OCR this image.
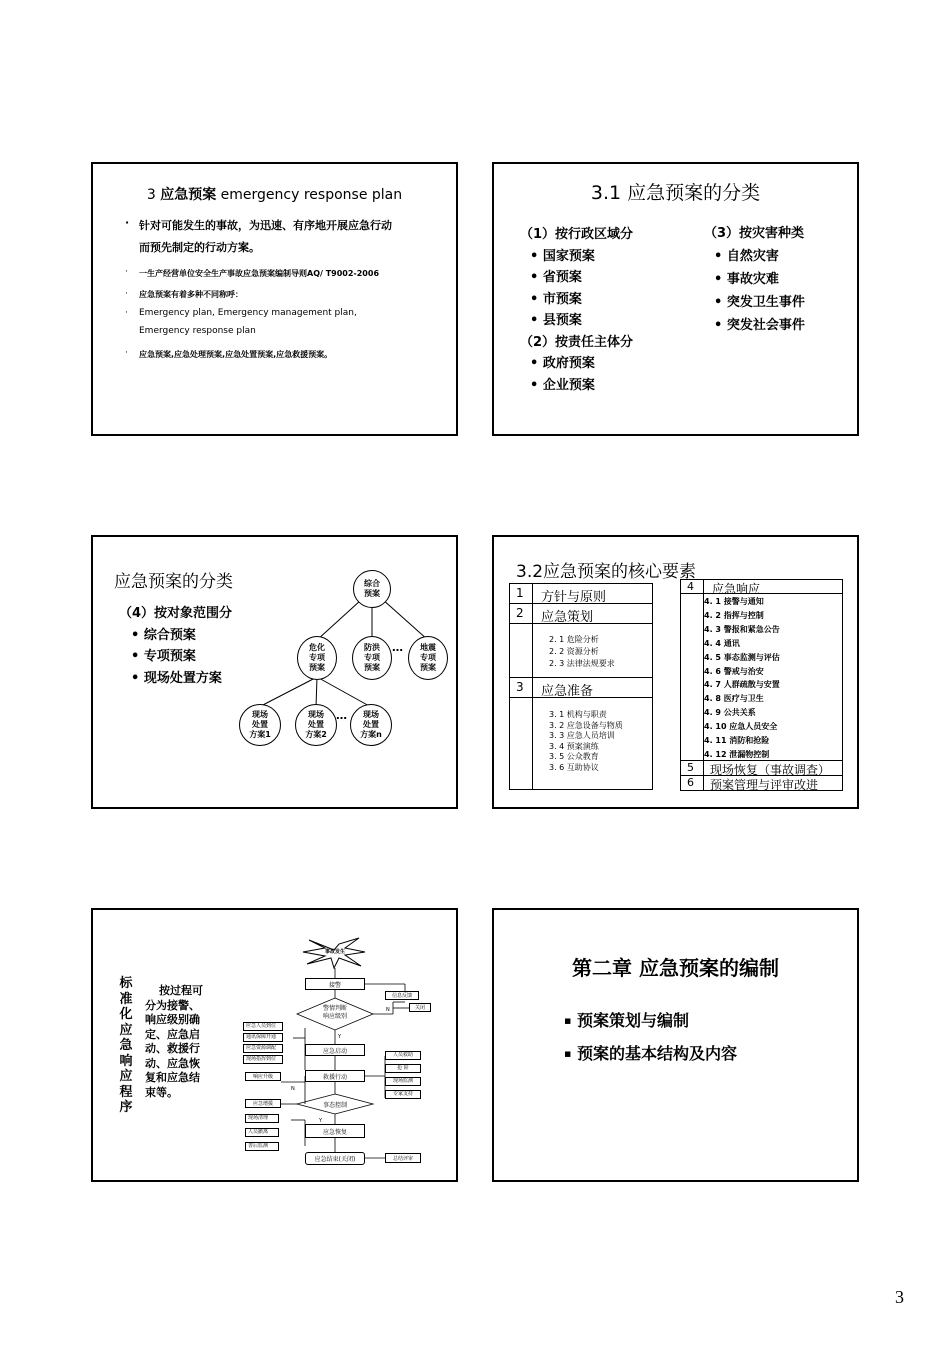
3 应急预案 emergency response plan
· 针对可能发生的事故，为迅速、有序地开展应急行动
而预先制定的行动方案。
· 一生产经营单位安全生产事故应急预案编制导则AQ/ T9002-2006
· 应急预案有着多种不同称呼：
· Emergency plan, Emergency management plan,
Emergency response plan
· 应急预案,应急处理预案,应急处置预案,应急救援预案。
3.1 应急预案的分类
（1）按行政区域分
• 国家预案
• 省预案
• 市预案
• 县预案
（2）按责任主体分
• 政府预案
• 企业预案
（3）按灾害种类
• 自然灾害
• 事故灾难
• 突发卫生事件
• 突发社会事件
应急预案的分类
（4）按对象范围分
• 综合预案
• 专项预案
• 现场处置方案
综合
预案
危化
专项
预案
防洪
专项
预案
地震
专项
预案
…
现场
处置
方案1
现场
处置
方案2
现场
处置
方案n
…
3.2应急预案的核心要素
1 方针与原则
2 应急策划
2. 1 危险分析
2. 2 资源分析
2. 3 法律法规要求
3 应急准备
3. 1 机构与职责
3. 2 应急设备与物质
3. 3 应急人员培训
3. 4 预案演练
3. 5 公众教育
3. 6 互助协议
4 应急响应
4. 1 接警与通知
4. 2 指挥与控制
4. 3 警报和紧急公告
4. 4 通讯
4. 5 事态监测与评估
4. 6 警戒与治安
4. 7 人群疏散与安置
4. 8 医疗与卫生
4. 9 公共关系
4. 10 应急人员安全
4. 11 消防和抢险
4. 12 泄漏物控制
5 现场恢复（事故调查）
6 预案管理与评审改进
标
准
化
应
急
响
应
程
序
按过程可
分为接警、
响应级别确
定、应急启
动、救援行
动、应急恢
复和应急结
束等。
事故发生
接警
警情判断
响应级别
信息反馈
关闭
N
Y
应急启动
应急人员到位
通讯保障开通
应急资源调配
现场指挥到位
救援行动
响应升级
N
人员救助
抢 险
现场监测
专家支持
事态控制
应急增援
Y
应急恢复
现场清理
人员撤离
善后监测
应急结束(关闭)	总结评审
第二章 应急预案的编制
▪ 预案策划与编制
▪ 预案的基本结构及内容
3
